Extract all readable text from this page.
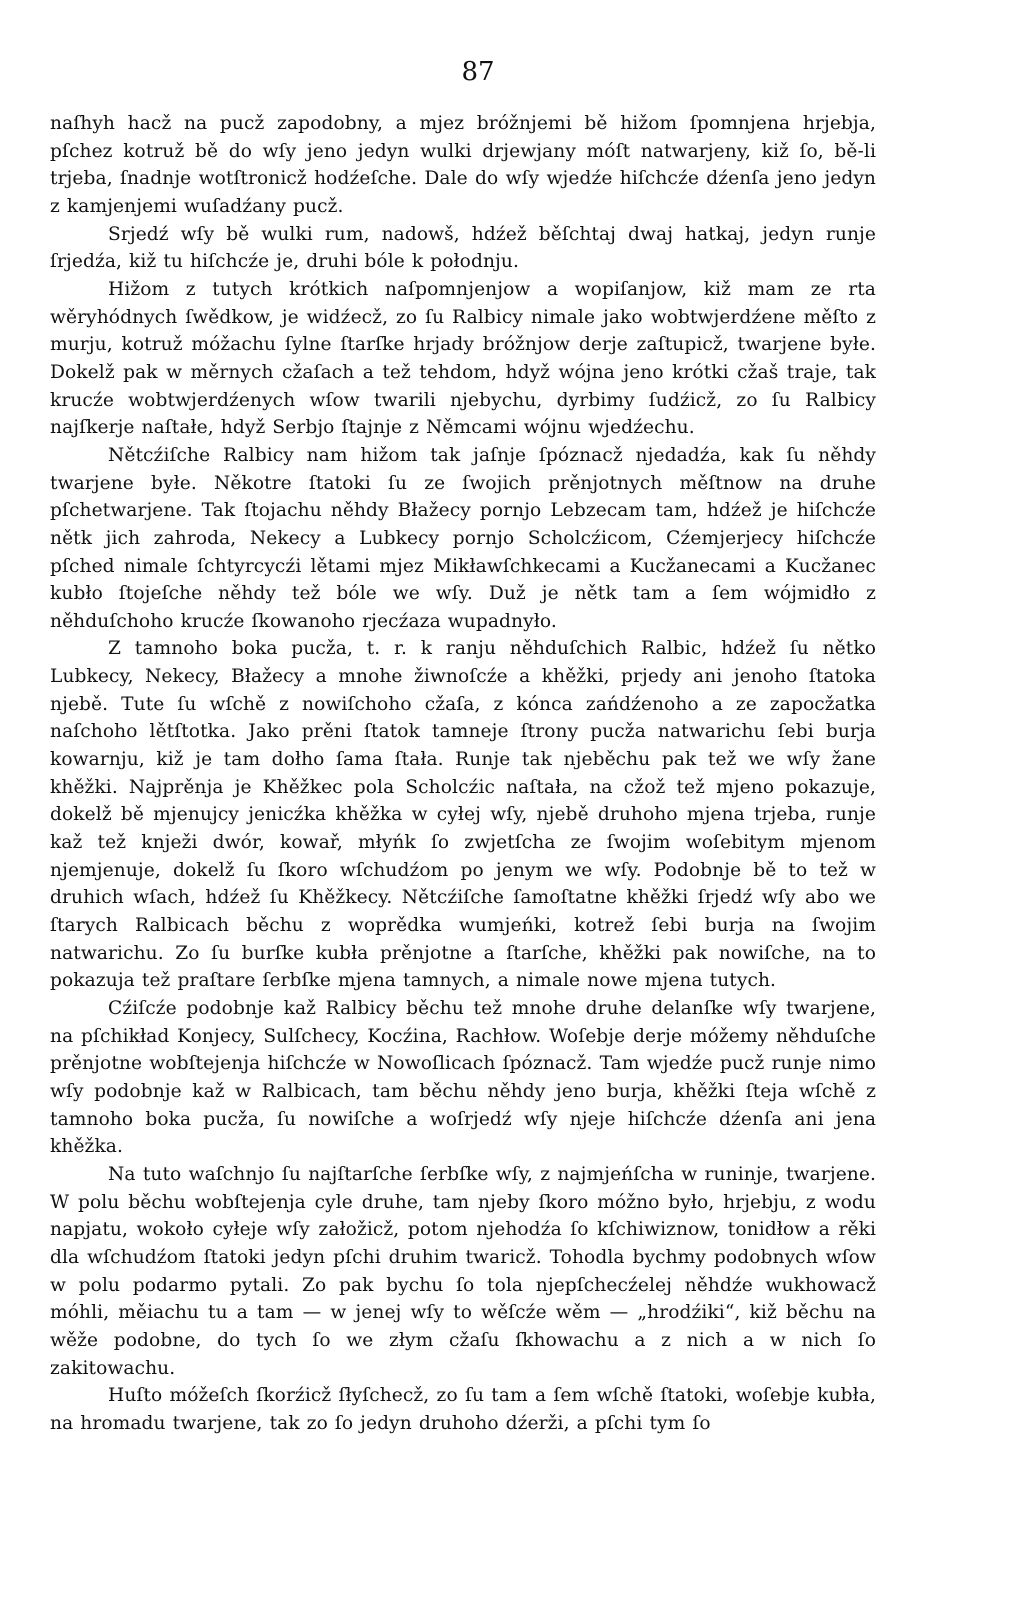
87

naſhyh hacž na pucž zapodobny, a mjez bróžnjemi bě hižom ſpomnjena hrjebja, pſchez kotruž bě do wſy jeno jedyn wulki drjewjany móſt natwarjeny, kiž ſo, bě-li trjeba, ſnadnje wotſtronicž hodźeſche. Dale do wſy wjedźe hiſchcźe dźenſa jeno jedyn z kamjenjemi wuſadźany pucž.

Srjedź wſy bě wulki rum, nadowš, hdźež běſchtaj dwaj hatkaj, jedyn runje ſrjedźa, kiž tu hiſchcźe je, druhi bóle k połodnju.

Hižom z tutych krótkich naſpomnjenjow a wopiſanjow, kiž mam ze rta wěryhódnych ſwědkow, je widźecž, zo ſu Ralbicy nimale jako wobtwjerdźene měſto z murju, kotruž móžachu ſylne ſtarſke hrjady bróžnjow derje zaſtupicž, twarjene byłe. Dokelž pak w měrnych cžaſach a tež tehdom, hdyž wójna jeno krótki cžaš traje, tak krucźe wobtwjerdźenych wſow twarili njebychu, dyrbimy ſudźicž, zo ſu Ralbicy najſkerje naſtałe, hdyž Serbjo ſtajnje z Němcami wójnu wjedźechu.

Nětcźiſche Ralbicy nam hižom tak jaſnje ſpóznacž njedadźa, kak ſu něhdy twarjene byłe. Někotre ſtatoki ſu ze ſwojich prěnjotnych měſtnow na druhe pſchetwarjene. Tak ſtojachu něhdy Błažecy pornjo Lebzecam tam, hdźež je hiſchcźe nětk jich zahroda, Nekecy a Lubkecy pornjo Scholcźicom, Cźemjerjecy hiſchcźe pſched nimale ſchtyrcycźi lětami mjez Mikławſchkecami a Kucžanecami a Kucžanec kubło ſtojeſche něhdy tež bóle we wſy. Duž je nětk tam a ſem wójmidło z něhduſchoho krucźe ſkowanoho rjecźaza wupadnyło.

Z tamnoho boka pucža, t. r. k ranju něhduſchich Ralbic, hdźež ſu nětko Lubkecy, Nekecy, Błažecy a mnohe žiwnoſcźe a khěžki, prjedy ani jenoho ſtatoka njebě. Tute ſu wſchě z nowiſchoho cžaſa, z kónca zańdźenoho a ze zapocžatka naſchoho lětſtotka. Jako prěni ſtatok tamneje ſtrony pucža natwarichu ſebi burja kowarnju, kiž je tam dołho ſama ſtała. Runje tak njeběchu pak tež we wſy žane khěžki. Najprěnja je Khěžkec pola Scholcźic naſtała, na cžož tež mjeno pokazuje, dokelž bě mjenujcy jenicźka khěžka w cyłej wſy, njebě druhoho mjena trjeba, runje kaž tež knježi dwór, kowař, młyńk ſo zwjetſcha ze ſwojim woſebitym mjenom njemjenuje, dokelž ſu ſkoro wſchudźom po jenym we wſy. Podobnje bě to tež w druhich wſach, hdźež ſu Khěžkecy. Nětcźiſche ſamoſtatne khěžki ſrjedź wſy abo we ſtarych Ralbicach běchu z woprědka wumjeńki, kotrež ſebi burja na ſwojim natwarichu. Zo ſu burſke kubła prěnjotne a ſtarſche, khěžki pak nowiſche, na to pokazuja tež praſtare ſerbſke mjena tamnych, a nimale nowe mjena tutych.

Cźiſcźe podobnje kaž Ralbicy běchu tež mnohe druhe delanſke wſy twarjene, na pſchikład Konjecy, Sulſchecy, Kocźina, Rachłow. Woſebje derje móžemy něhduſche prěnjotne wobſtejenja hiſchcźe w Nowoſlicach ſpóznacž. Tam wjedźe pucž runje nimo wſy podobnje kaž w Ralbicach, tam běchu něhdy jeno burja, khěžki ſteja wſchě z tamnoho boka pucža, ſu nowiſche a woſrjedź wſy njeje hiſchcźe dźenſa ani jena khěžka.

Na tuto waſchnjo ſu najſtarſche ſerbſke wſy, z najmjeńſcha w runinje, twarjene. W polu běchu wobſtejenja cyle druhe, tam njeby ſkoro móžno było, hrjebju, z wodu napjatu, wokoło cyłeje wſy załožicž, potom njehodźa ſo kſchiwiznow, tonidłow a rěki dla wſchudźom ſtatoki jedyn pſchi druhim twaricž. Tohodla bychmy podobnych wſow w polu podarmo pytali. Zo pak bychu ſo tola njepſchecźelej něhdźe wukhowacž móhli, měiachu tu a tam — w jenej wſy to wěſcźe wěm — „hrodźiki“, kiž běchu na wěže podobne, do tych ſo we złym cžaſu ſkhowachu a z nich a w nich ſo zakitowachu.

Huſto móžeſch ſkorźicž ſłyſchecž, zo ſu tam a ſem wſchě ſtatoki, woſebje kubła, na hromadu twarjene, tak zo ſo jedyn druhoho dźerži, a pſchi tym ſo
